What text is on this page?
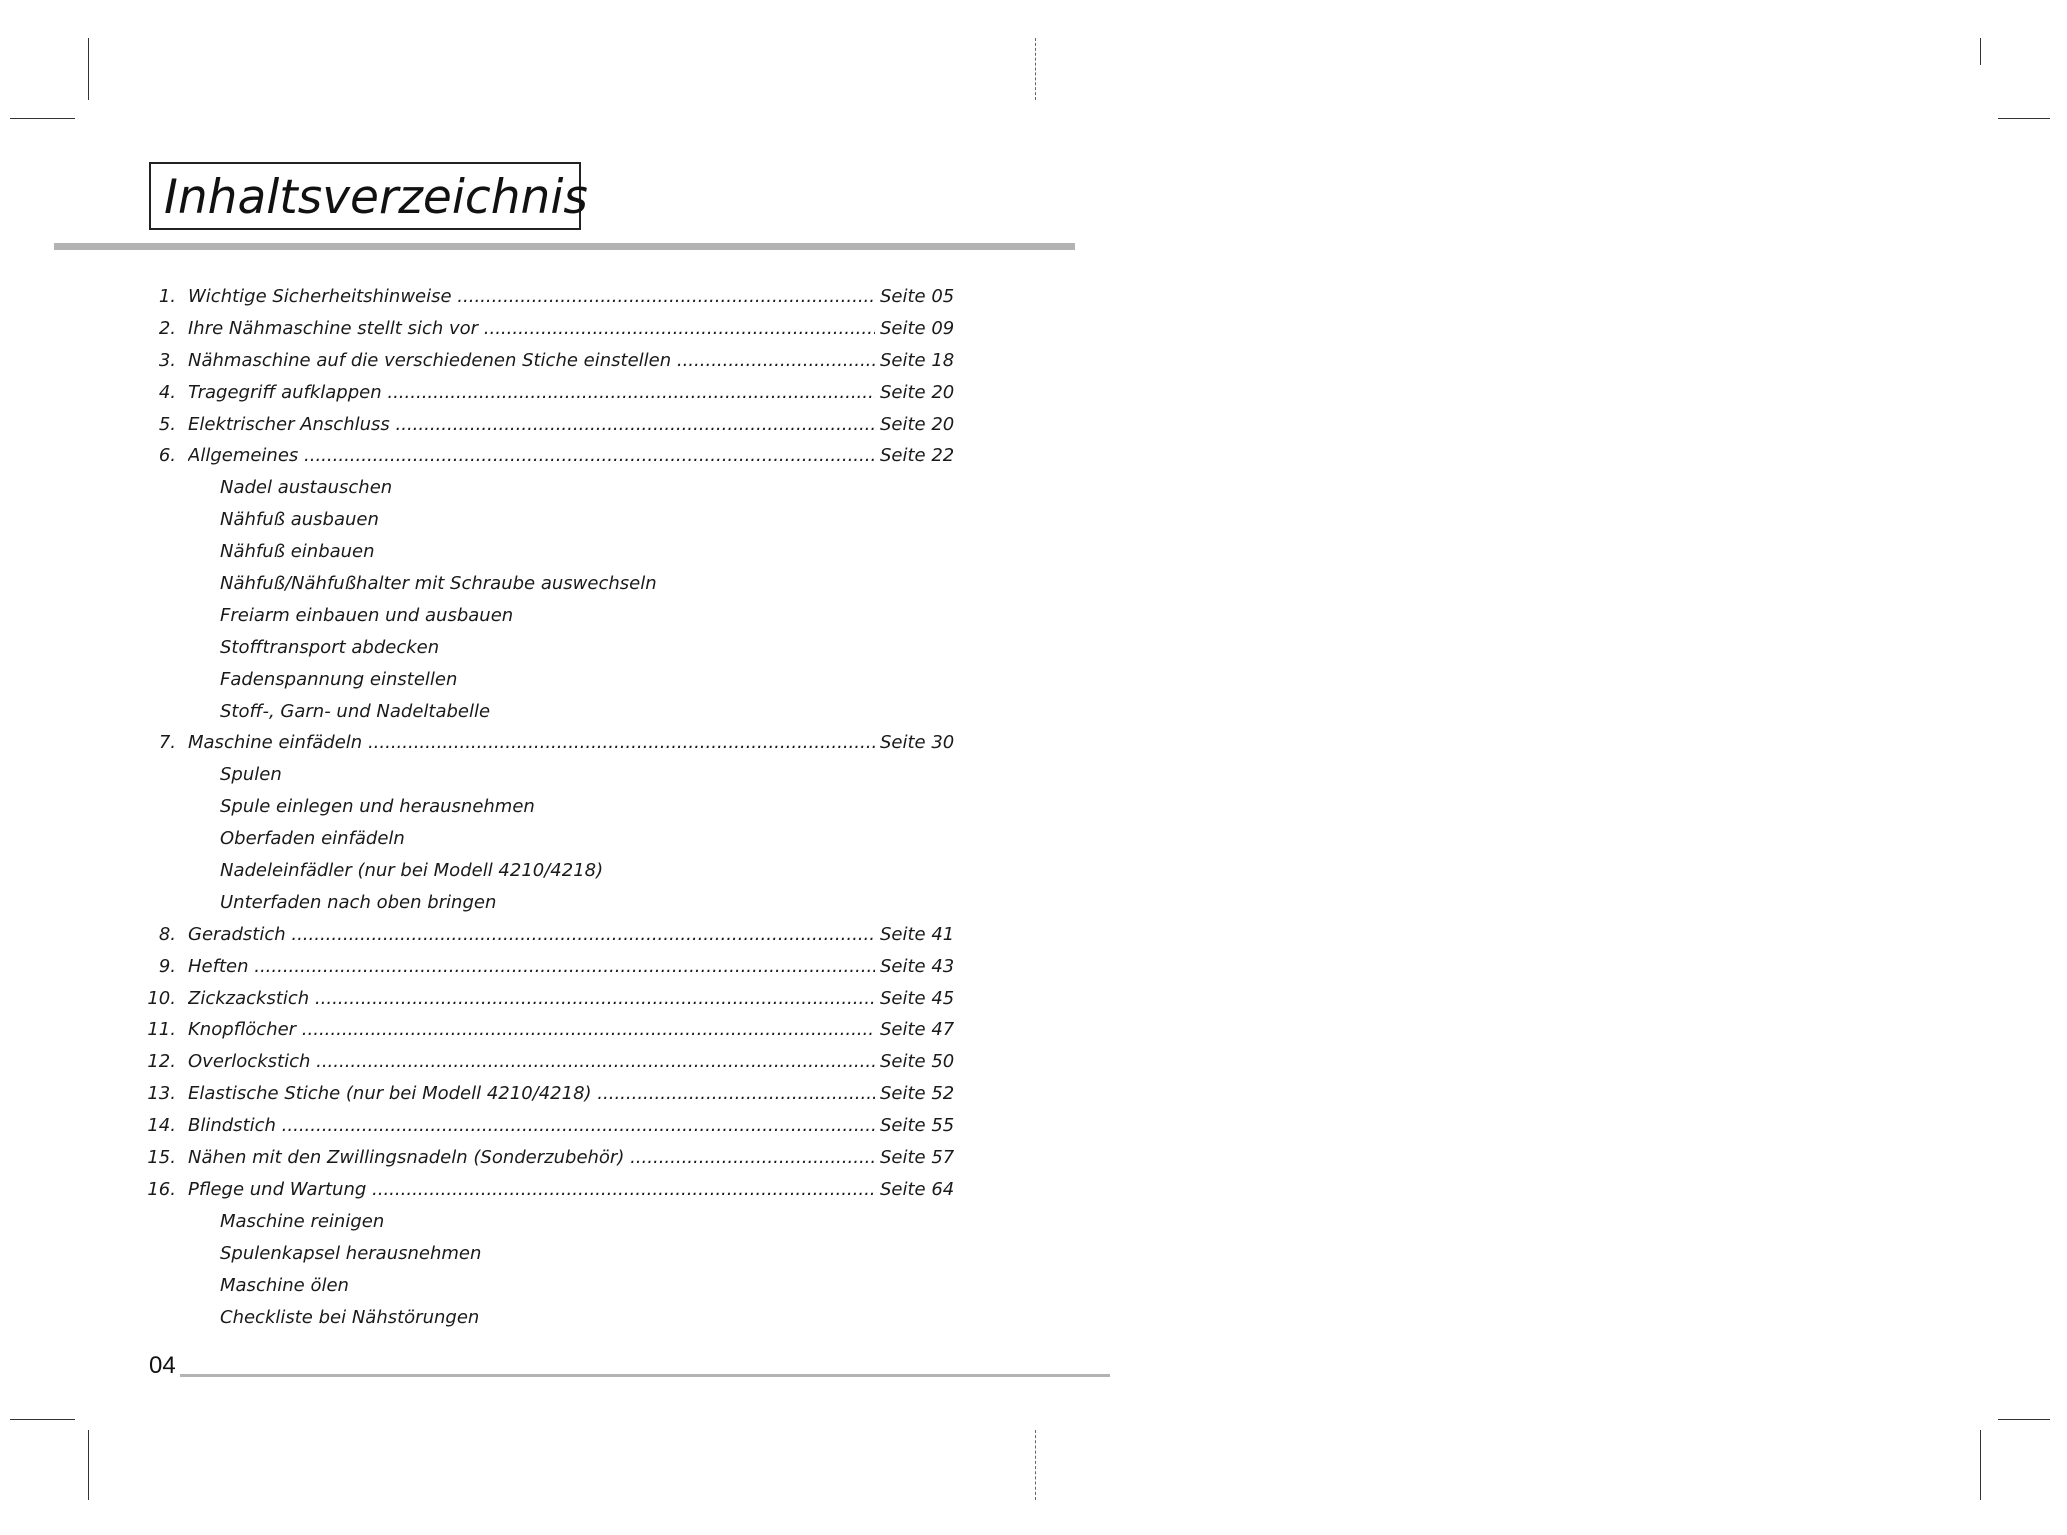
Inhaltsverzeichnis
1. Wichtige Sicherheitshinweise .....	Seite 05
2. Ihre Nähmaschine stellt sich vor .....	Seite 09
3. Nähmaschine auf die verschiedenen Stiche einstellen .....	Seite 18
4. Tragegriff aufklappen .....	Seite 20
5. Elektrischer Anschluss .....	Seite 20
6. Allgemeines .....	Seite 22
Nadel austauschen
Nähfuß ausbauen
Nähfuß einbauen
Nähfuß/Nähfußhalter mit Schraube auswechseln
Freiarm einbauen und ausbauen
Stofftransport abdecken
Fadenspannung einstellen
Stoff-, Garn- und Nadeltabelle
7. Maschine einfädeln .....	Seite 30
Spulen
Spule einlegen und herausnehmen
Oberfaden einfädeln
Nadeleinfädler (nur bei Modell 4210/4218)
Unterfaden nach oben bringen
8. Geradstich .....	Seite 41
9. Heften .....	Seite 43
10. Zickzackstich .....	Seite 45
11. Knopflöcher .....	Seite 47
12. Overlockstich .....	Seite 50
13. Elastische Stiche (nur bei Modell 4210/4218) .....	Seite 52
14. Blindstich .....	Seite 55
15. Nähen mit den Zwillingsnadeln (Sonderzubehör) .....	Seite 57
16. Pflege und Wartung .....	Seite 64
Maschine reinigen
Spulenkapsel herausnehmen
Maschine ölen
Checkliste bei Nähstörungen
04
